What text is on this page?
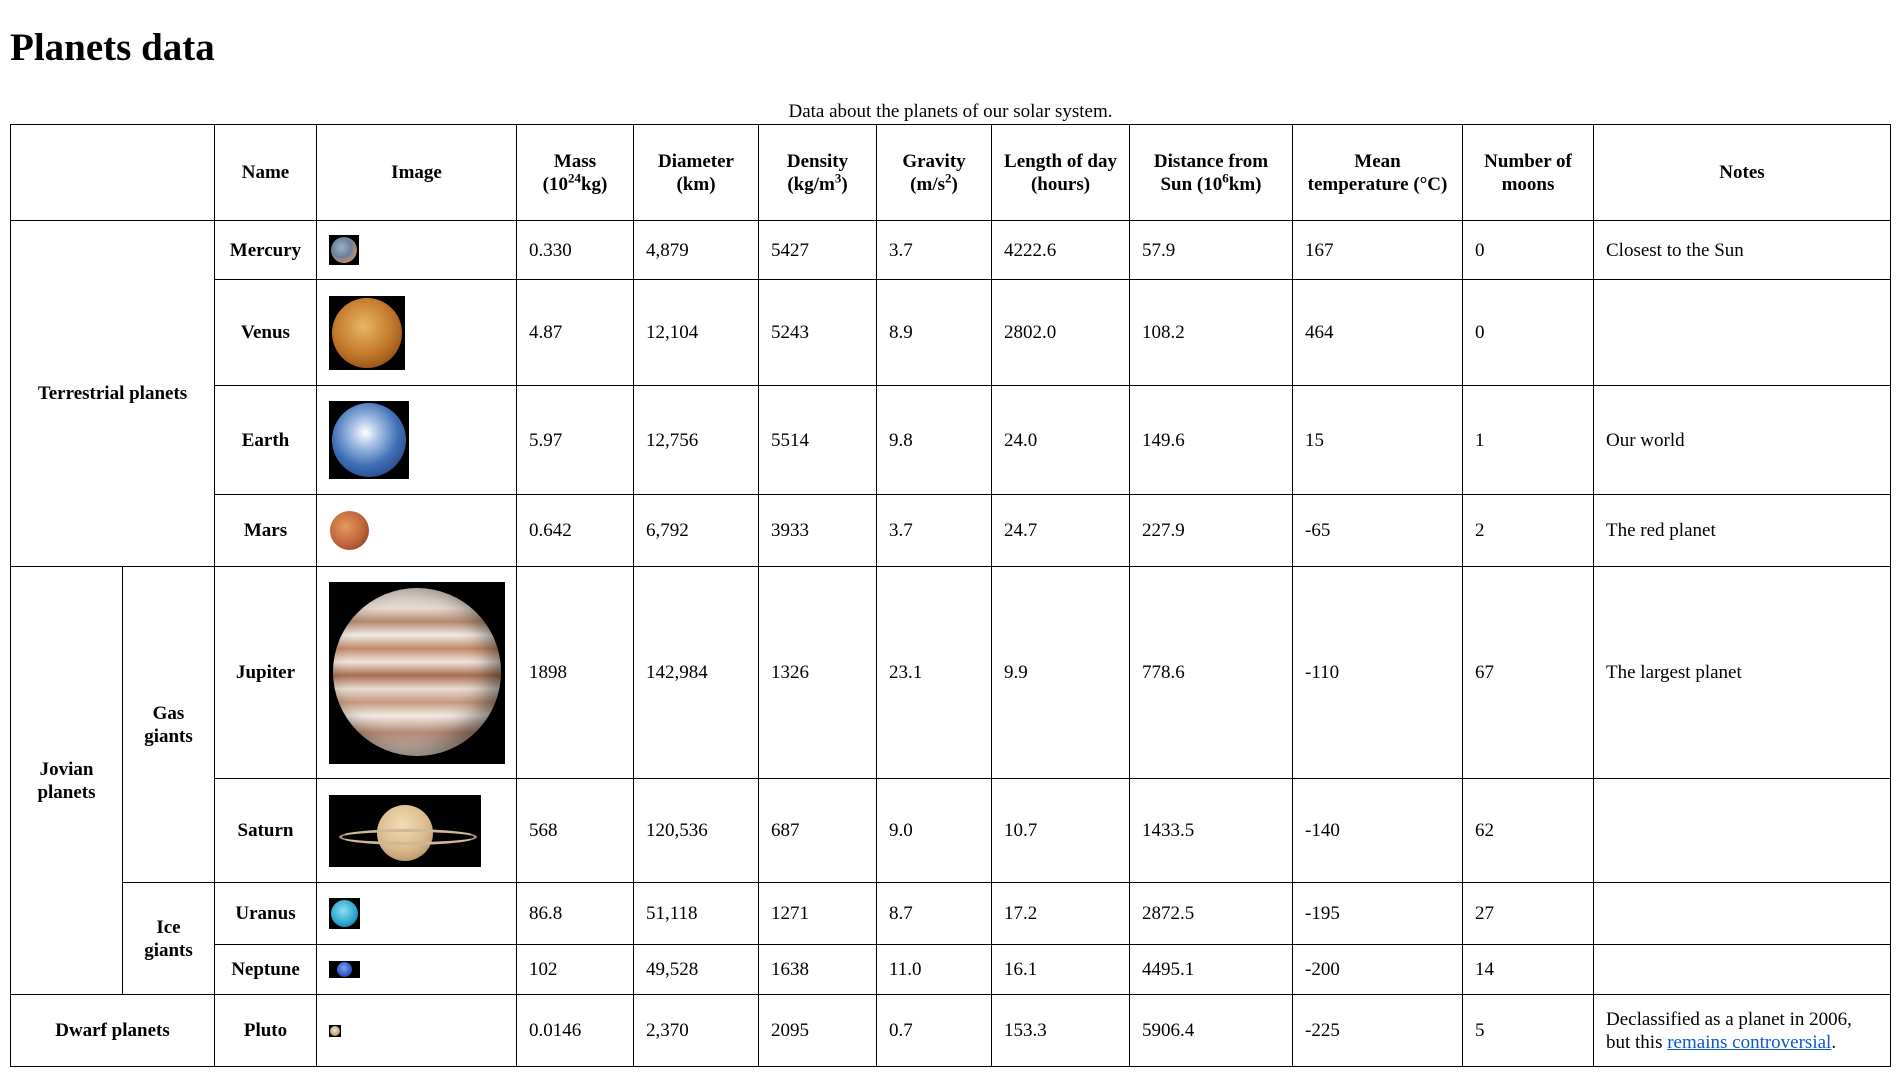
Planets data
Data about the planets of our solar system.
		Name	Image	Mass $(10^{24}kg)$	Diameter (km)	Density $(kg/m^3)$	Gravity $(m/s^2)$	Length of day (hours)	Distance from Sun $(10^6km)$	Mean temperature (°C)	Number of moons	Notes
Terrestrial planets		Mercury		0.330	4,879	5427	3.7	4222.6	57.9	167	0	Closest to the Sun
		Venus		4.87	12,104	5243	8.9	2802.0	108.2	464	0	
		Earth		5.97	12,756	5514	9.8	24.0	149.6	15	1	Our world
		Mars		0.642	6,792	3933	3.7	24.7	227.9	-65	2	The red planet
Jovian planets	Gas giants	Jupiter		1898	142,984	1326	23.1	9.9	778.6	-110	67	The largest planet
		Saturn		568	120,536	687	9.0	10.7	1433.5	-140	62	
	Ice giants	Uranus		86.8	51,118	1271	8.7	17.2	2872.5	-195	27	
		Neptune		102	49,528	1638	11.0	16.1	4495.1	-200	14	
Dwarf planets		Pluto		0.0146	2,370	2095	0.7	153.3	5906.4	-225	5	Declassified as a planet in 2006, but this remains controversial.
